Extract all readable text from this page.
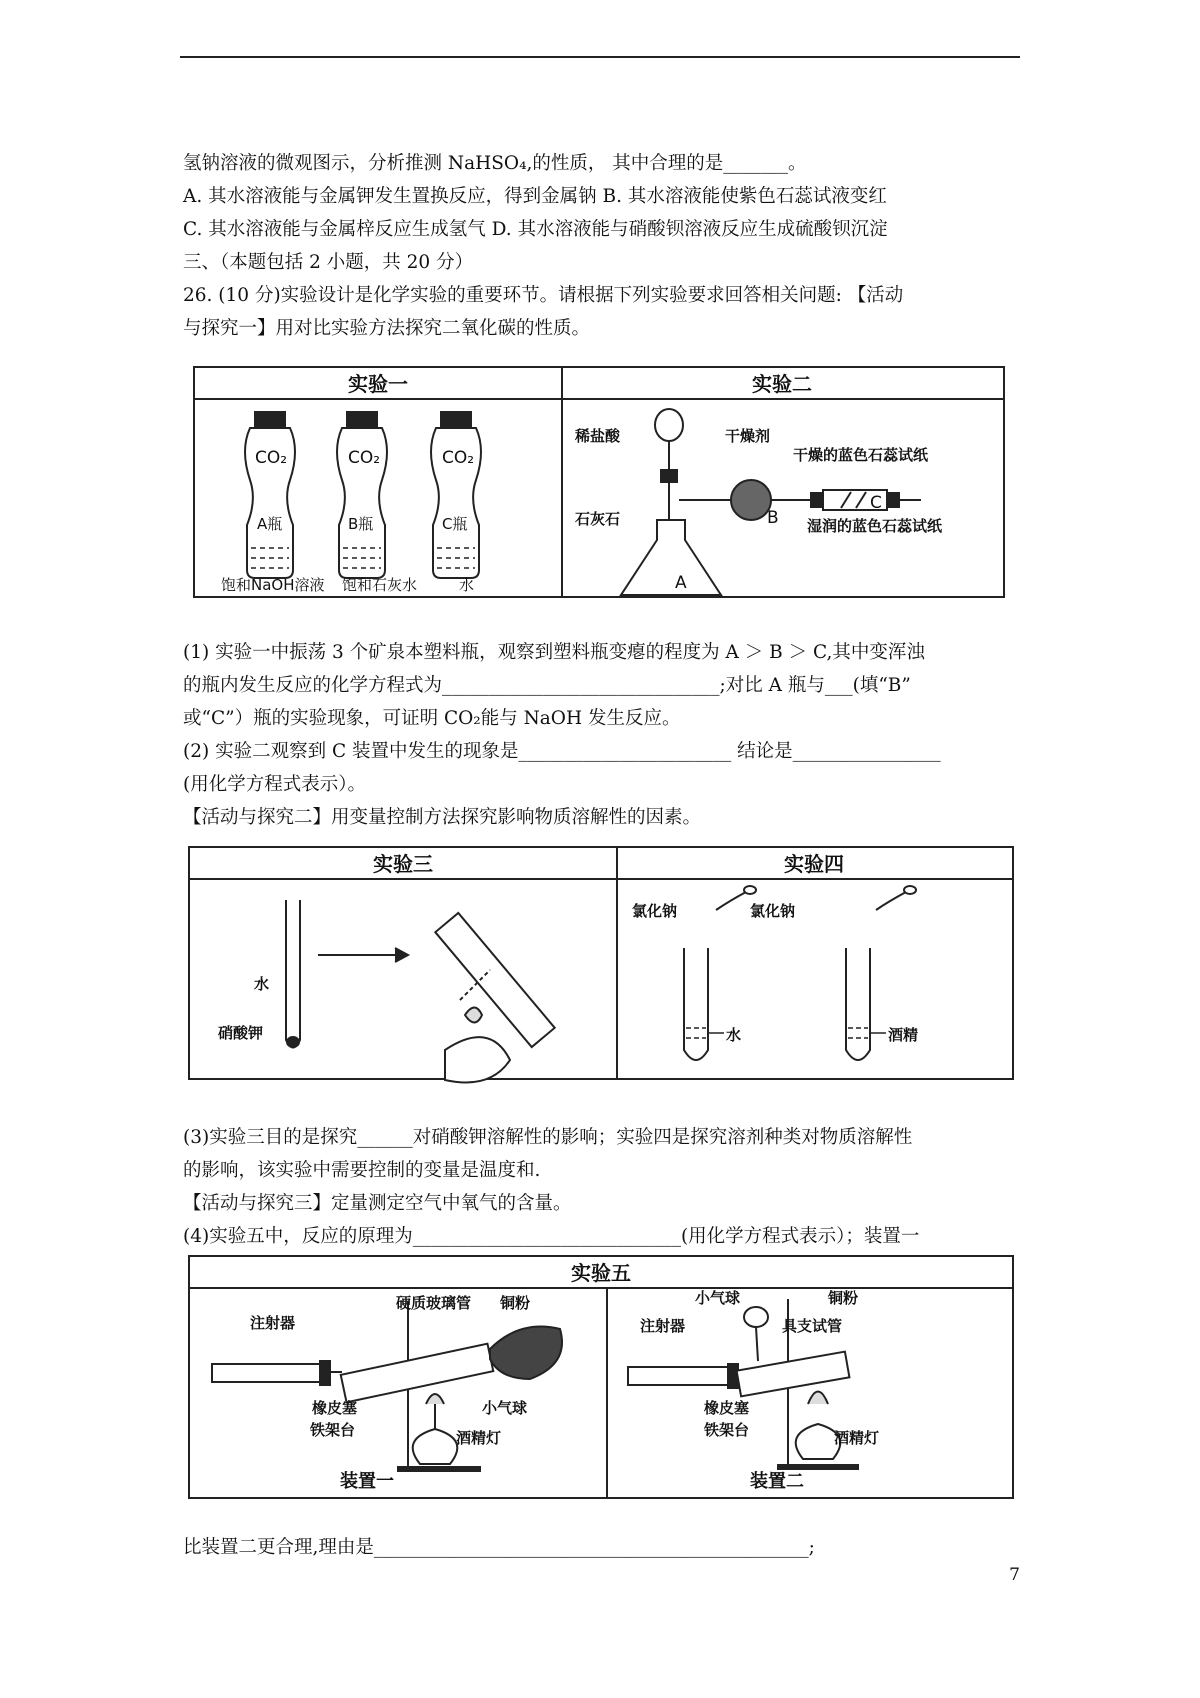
氢钠溶液的微观图示，分析推测 NaHSO₄,的性质， 其中合理的是_______。
A. 其水溶液能与金属钾发生置换反应，得到金属钠 B. 其水溶液能使紫色石蕊试液变红
C. 其水溶液能与金属梓反应生成氢气 D. 其水溶液能与硝酸钡溶液反应生成硫酸钡沉淀
三、（本题包括 2 小题，共 20 分）
26. (10 分)实验设计是化学实验的重要环节。请根据下列实验要求回答相关问题: 【活动
与探究一】用对比实验方法探究二氧化碳的性质。
实验一	实验二
CO₂	CO₂	CO₂
A瓶	B瓶	C瓶
饱和NaOH溶液 饱和石灰水	水
稀盐酸	干燥剂
干燥的蓝色石蕊试纸
石灰石	B
C
湿润的蓝色石蕊试纸
A
(1) 实验一中振荡 3 个矿泉本塑料瓶，观察到塑料瓶变瘪的程度为 A ＞ B ＞ C,其中变浑浊
的瓶内发生反应的化学方程式为______________________________;对比 A 瓶与___(填“B”
或“C”）瓶的实验现象，可证明 CO₂能与 NaOH 发生反应。
(2) 实验二观察到 C 装置中发生的现象是_______________________ 结论是________________
(用化学方程式表示）。
【活动与探究二】用变量控制方法探究影响物质溶解性的因素。
实验三	实验四
水
硝酸钾
氯化钠	氯化钠
水	酒精
(3)实验三目的是探究______对硝酸钾溶解性的影响；实验四是探究溶剂种类对物质溶解性
的影响，该实验中需要控制的变量是温度和.
【活动与探究三】定量测定空气中氧气的含量。
(4)实验五中，反应的原理为_____________________________(用化学方程式表示）；装置一
实验五
注射器
硬质玻璃管 铜粉
橡皮塞
铁架台
小气球
酒精灯
装置一
小气球	铜粉
注射器	具支试管
橡皮塞
铁架台	酒精灯
装置二
比装置二更合理,理由是_______________________________________________;
7
